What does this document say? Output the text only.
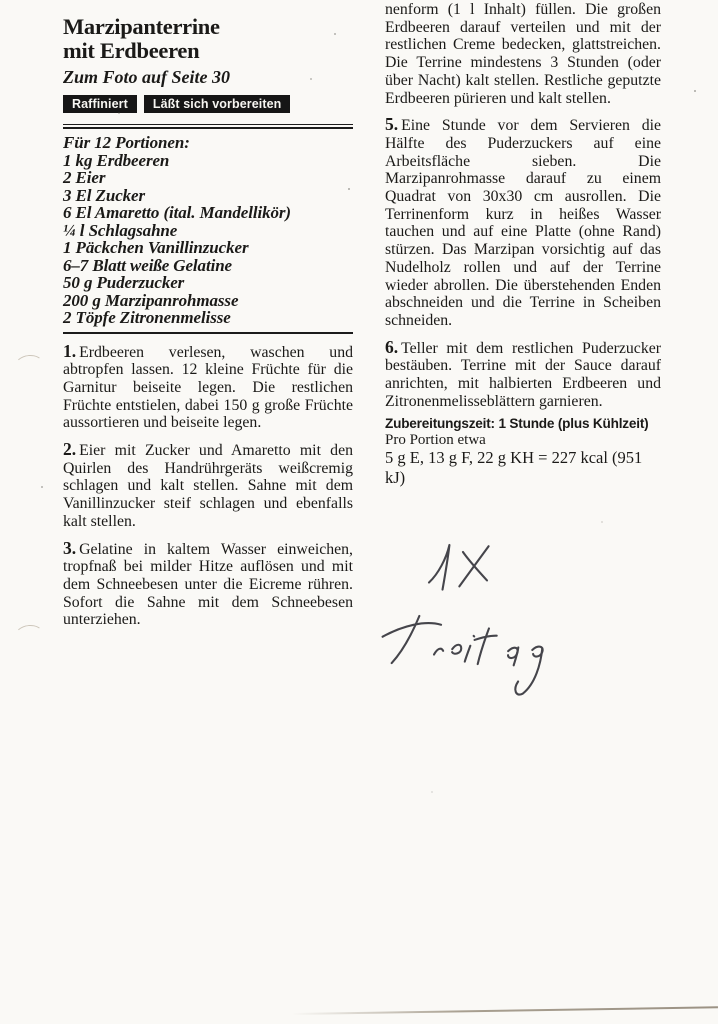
Marzipanterrine
mit Erdbeeren
Zum Foto auf Seite 30
Raffiniert	Läßt sich vorbereiten
Für 12 Portionen:
1 kg Erdbeeren
2 Eier
3 El Zucker
6 El Amaretto (ital. Mandellikör)
¼ l Schlagsahne
1 Päckchen Vanillinzucker
6–7 Blatt weiße Gelatine
50 g Puderzucker
200 g Marzipanrohmasse
2 Töpfe Zitronenmelisse

1. Erdbeeren verlesen, waschen und abtropfen lassen. 12 kleine Früchte für die Garnitur beiseite legen. Die restlichen Früchte entstielen, dabei 150 g große Früchte aussortieren und beiseite legen.

2. Eier mit Zucker und Amaretto mit den Quirlen des Handrührgeräts weißcremig schlagen und kalt stellen. Sahne mit dem Vanillinzucker steif schlagen und ebenfalls kalt stellen.

3. Gelatine in kaltem Wasser einweichen, tropfnaß bei milder Hitze auflösen und mit dem Schneebesen unter die Eicreme rühren. Sofort die Sahne mit dem Schneebesen unterziehen.

nenform (1 l Inhalt) füllen. Die großen Erdbeeren darauf verteilen und mit der restlichen Creme bedecken, glattstreichen. Die Terrine mindestens 3 Stunden (oder über Nacht) kalt stellen. Restliche geputzte Erdbeeren pürieren und kalt stellen.

5. Eine Stunde vor dem Servieren die Hälfte des Puderzuckers auf eine Arbeitsfläche sieben. Die Marzipanrohmasse darauf zu einem Quadrat von 30x30 cm ausrollen. Die Terrinenform kurz in heißes Wasser tauchen und auf eine Platte (ohne Rand) stürzen. Das Marzipan vorsichtig auf das Nudelholz rollen und auf der Terrine wieder abrollen. Die überstehenden Enden abschneiden und die Terrine in Scheiben schneiden.

6. Teller mit dem restlichen Puderzucker bestäuben. Terrine mit der Sauce darauf anrichten, mit halbierten Erdbeeren und Zitronenmelisseblättern garnieren.

Zubereitungszeit: 1 Stunde (plus Kühlzeit)
Pro Portion etwa
5 g E, 13 g F, 22 g KH = 227 kcal (951 kJ)
